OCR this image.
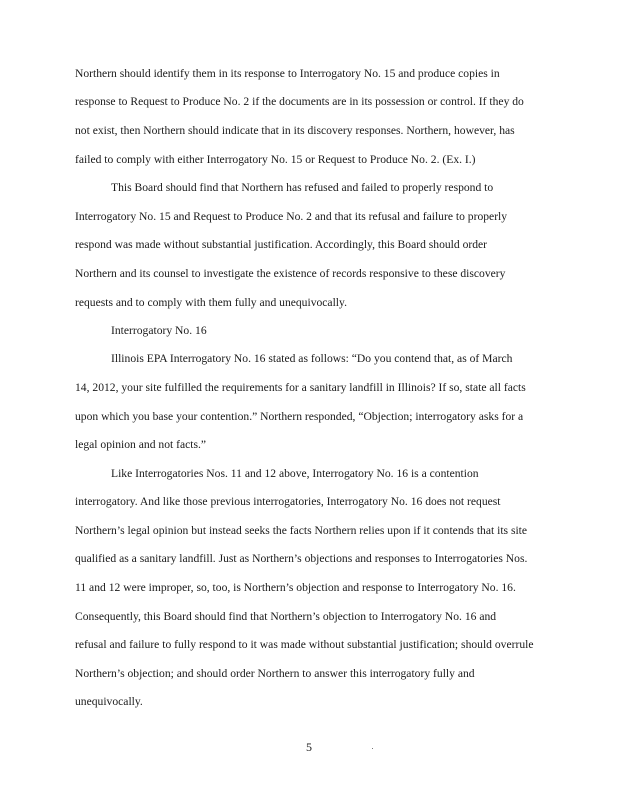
Northern should identify them in its response to Interrogatory No. 15 and produce copies in
response to Request to Produce No. 2 if the documents are in its possession or control. If they do
not exist, then Northern should indicate that in its discovery responses. Northern, however, has
failed to comply with either Interrogatory No. 15 or Request to Produce No. 2. (Ex. I.)
This Board should find that Northern has refused and failed to properly respond to
Interrogatory No. 15 and Request to Produce No. 2 and that its refusal and failure to properly
respond was made without substantial justification. Accordingly, this Board should order
Northern and its counsel to investigate the existence of records responsive to these discovery
requests and to comply with them fully and unequivocally.
Interrogatory No. 16
Illinois EPA Interrogatory No. 16 stated as follows: “Do you contend that, as of March
14, 2012, your site fulfilled the requirements for a sanitary landfill in Illinois? If so, state all facts
upon which you base your contention.” Northern responded, “Objection; interrogatory asks for a
legal opinion and not facts.”
Like Interrogatories Nos. 11 and 12 above, Interrogatory No. 16 is a contention
interrogatory. And like those previous interrogatories, Interrogatory No. 16 does not request
Northern’s legal opinion but instead seeks the facts Northern relies upon if it contends that its site
qualified as a sanitary landfill. Just as Northern’s objections and responses to Interrogatories Nos.
11 and 12 were improper, so, too, is Northern’s objection and response to Interrogatory No. 16.
Consequently, this Board should find that Northern’s objection to Interrogatory No. 16 and
refusal and failure to fully respond to it was made without substantial justification; should overrule
Northern’s objection; and should order Northern to answer this interrogatory fully and
unequivocally.
5
